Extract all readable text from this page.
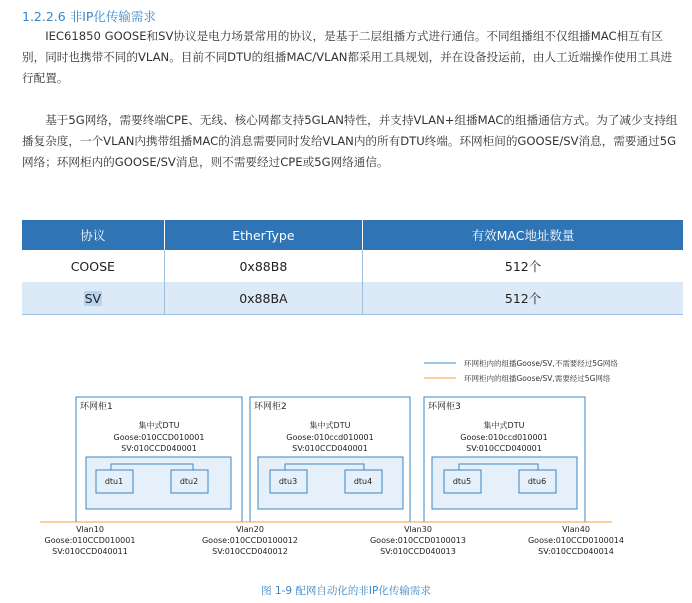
1.2.2.6 非IP化传输需求
IEC61850 GOOSE和SV协议是电力场景常用的协议，是基于二层组播方式进行通信。不同组播组不仅组播MAC相互有区别，同时也携带不同的VLAN。目前不同DTU的组播MAC/VLAN都采用工具规划，并在设备投运前，由人工近端操作使用工具进行配置。
基于5G网络，需要终端CPE、无线、核心网都支持5GLAN特性，并支持VLAN+组播MAC的组播通信方式。为了减少支持组播复杂度，一个VLAN内携带组播MAC的消息需要同时发给VLAN内的所有DTU终端。环网柜间的GOOSE/SV消息，需要通过5G网络；环网柜内的GOOSE/SV消息，则不需要经过CPE或5G网络通信。
协议	EtherType	有效MAC地址数量
COOSE	0x88B8	512个
SV	0x88BA	512个
环网柜内的组播Goose/SV,不需要经过5G网络
环网柜内的组播Goose/SV,需要经过5G网络
环网柜1
集中式DTU
Goose:010CCD010001
SV:010CCD040001
dtu1	dtu2
环网柜2
集中式DTU
Goose:010ccd010001
SV:010CCD040001
dtu3	dtu4
环网柜3
集中式DTU
Goose:010ccd010001
SV:010CCD040001
dtu5	dtu6
Vlan10
Goose:010CCD010001
SV:010CCD040011
Vlan20
Goose:010CCD0100012
SV:010CCD040012
Vlan30
Goose:010CCD0100013
SV:010CCD040013
Vlan40
Goose:010CCD0100014
SV:010CCD040014
图 1-9 配网自动化的非IP化传输需求
